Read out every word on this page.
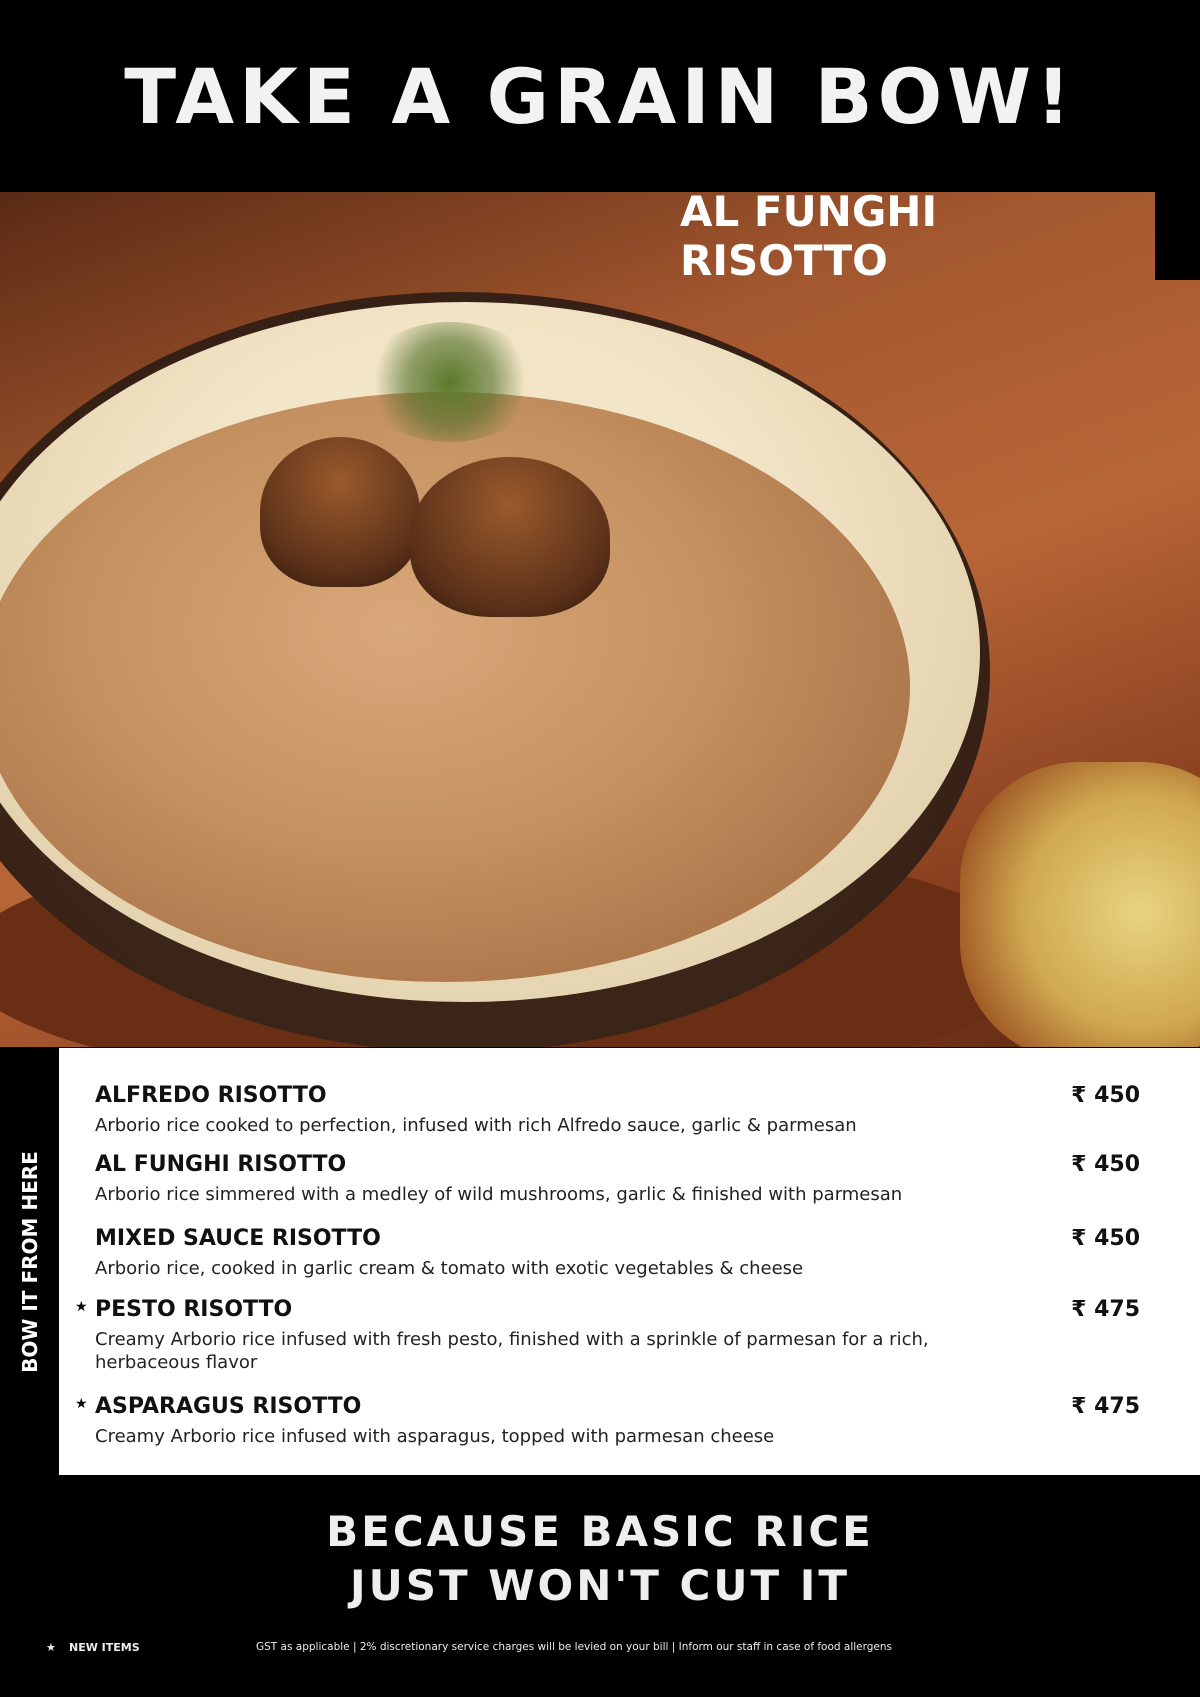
TAKE A GRAIN BOW!
AL FUNGHI RISOTTO
BOW IT FROM HERE
ALFREDO RISOTTO
Arborio rice cooked to perfection, infused with rich Alfredo sauce, garlic & parmesan
₹ 450
AL FUNGHI RISOTTO
Arborio rice simmered with a medley of wild mushrooms, garlic & finished with parmesan
₹ 450
MIXED SAUCE RISOTTO
Arborio rice, cooked in garlic cream & tomato with exotic vegetables & cheese
₹ 450
★ PESTO RISOTTO
Creamy Arborio rice infused with fresh pesto, finished with a sprinkle of parmesan for a rich, herbaceous flavor
₹ 475
★ ASPARAGUS RISOTTO
Creamy Arborio rice infused with asparagus, topped with parmesan cheese
₹ 475
BECAUSE BASIC RICE
JUST WON'T CUT IT
★ NEW ITEMS	GST as applicable | 2% discretionary service charges will be levied on your bill | Inform our staff in case of food allergens
